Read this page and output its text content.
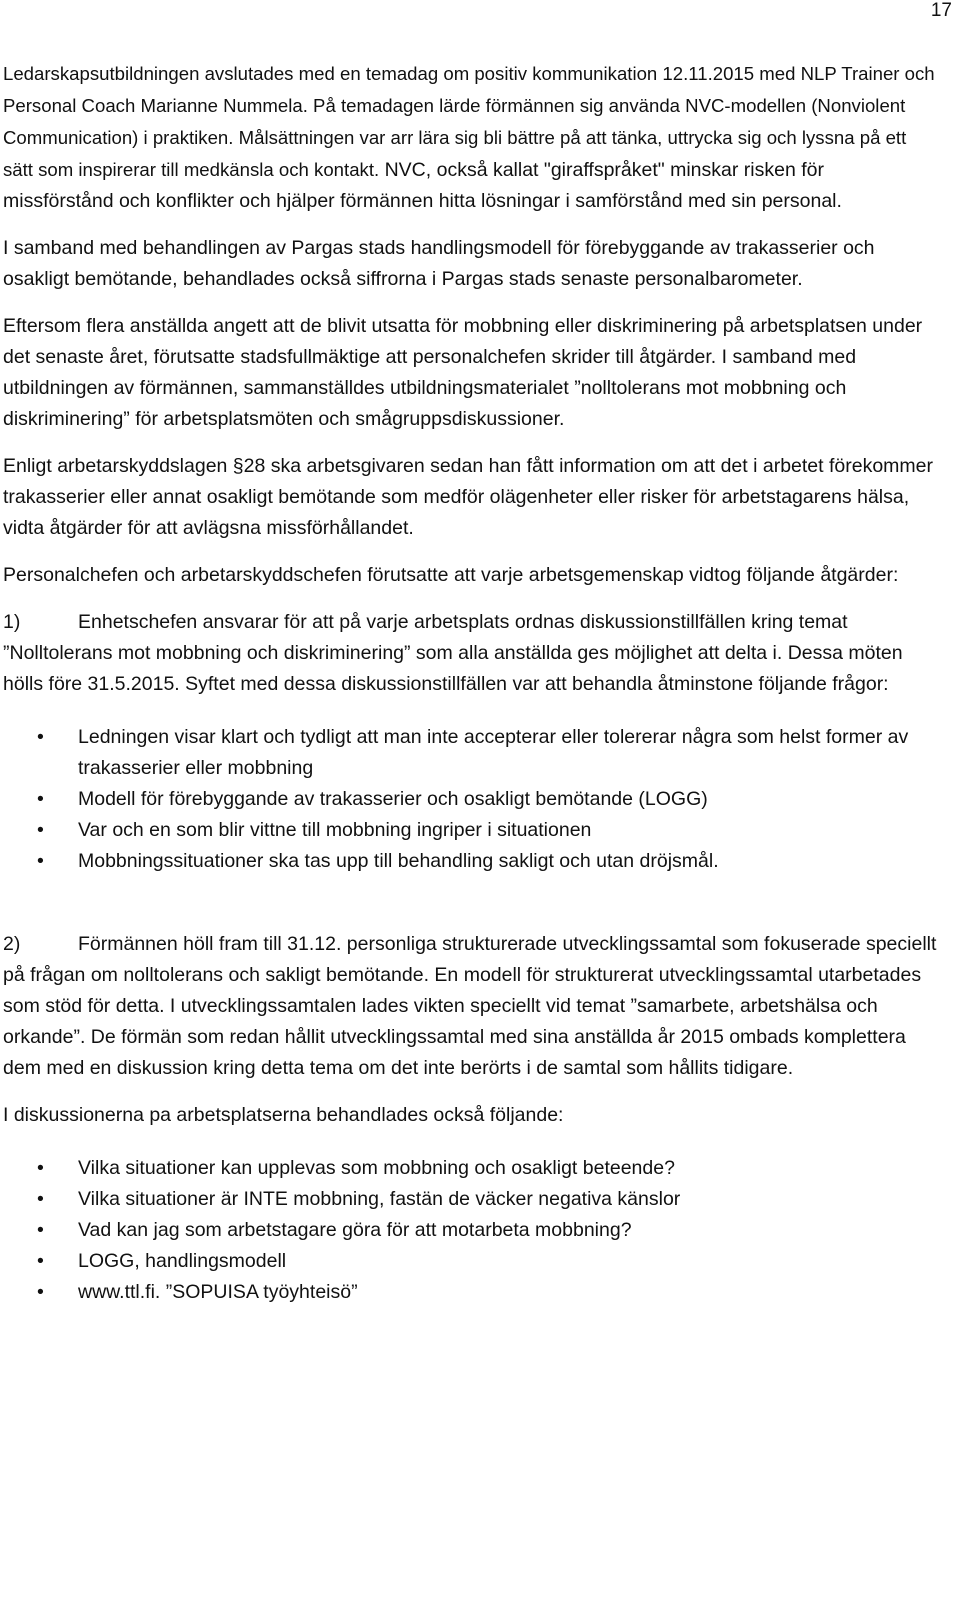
17

Ledarskapsutbildningen avslutades med en temadag om positiv kommunikation 12.11.2015 med NLP Trainer och Personal Coach Marianne Nummela. På temadagen lärde förmännen sig använda NVC-modellen (Nonviolent Communication) i praktiken. Målsättningen var arr lära sig bli bättre på att tänka, uttrycka sig och lyssna på ett sätt som inspirerar till medkänsla och kontakt. NVC, också kallat "giraffspråket" minskar risken för missförstånd och konflikter och hjälper förmännen hitta lösningar i samförstånd med sin personal.

I samband med behandlingen av Pargas stads handlingsmodell för förebyggande av trakasserier och osakligt bemötande, behandlades också siffrorna i Pargas stads senaste personalbarometer.

Eftersom flera anställda angett att de blivit utsatta för mobbning eller diskriminering på arbetsplatsen under det senaste året, förutsatte stadsfullmäktige att personalchefen skrider till åtgärder. I samband med utbildningen av förmännen, sammanställdes utbildningsmaterialet ”nolltolerans mot mobbning och diskriminering” för arbetsplatsmöten och smågruppsdiskussioner.

Enligt arbetarskyddslagen §28 ska arbetsgivaren sedan han fått information om att det i arbetet förekommer trakasserier eller annat osakligt bemötande som medför olägenheter eller risker för arbetstagarens hälsa, vidta åtgärder för att avlägsna missförhållandet.

Personalchefen och arbetarskyddschefen förutsatte att varje arbetsgemenskap vidtog följande åtgärder:

1)	Enhetschefen ansvarar för att på varje arbetsplats ordnas diskussionstillfällen kring temat ”Nolltolerans mot mobbning och diskriminering” som alla anställda ges möjlighet att delta i. Dessa möten hölls före 31.5.2015. Syftet med dessa diskussionstillfällen var att behandla åtminstone följande frågor:

• Ledningen visar klart och tydligt att man inte accepterar eller tolererar några som helst former av trakasserier eller mobbning
• Modell för förebyggande av trakasserier och osakligt bemötande (LOGG)
• Var och en som blir vittne till mobbning ingriper i situationen
• Mobbningssituationer ska tas upp till behandling sakligt och utan dröjsmål.

2)	Förmännen höll fram till 31.12. personliga strukturerade utvecklingssamtal som fokuserade speciellt på frågan om nolltolerans och sakligt bemötande. En modell för strukturerat utvecklingssamtal utarbetades som stöd för detta. I utvecklingssamtalen lades vikten speciellt vid temat ”samarbete, arbetshälsa och orkande”. De förmän som redan hållit utvecklingssamtal med sina anställda år 2015 ombads komplettera dem med en diskussion kring detta tema om det inte berörts i de samtal som hållits tidigare.

I diskussionerna pa arbetsplatserna behandlades också följande:

• Vilka situationer kan upplevas som mobbning och osakligt beteende?
• Vilka situationer är INTE mobbning, fastän de väcker negativa känslor
• Vad kan jag som arbetstagare göra för att motarbeta mobbning?
• LOGG, handlingsmodell
• www.ttl.fi. ”SOPUISA työyhteisö”
